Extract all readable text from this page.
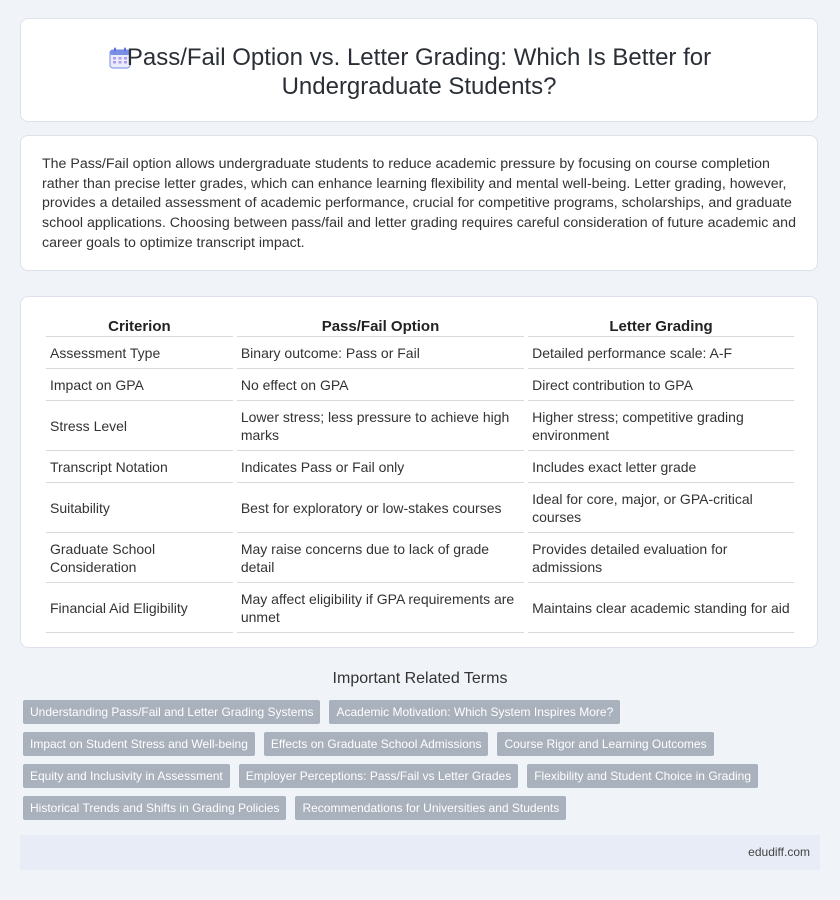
Pass/Fail Option vs. Letter Grading: Which Is Better for
Undergraduate Students?

The Pass/Fail option allows undergraduate students to reduce academic pressure by focusing on course completion rather than precise letter grades, which can enhance learning flexibility and mental well-being. Letter grading, however, provides a detailed assessment of academic performance, crucial for competitive programs, scholarships, and graduate school applications. Choosing between pass/fail and letter grading requires careful consideration of future academic and career goals to optimize transcript impact.

Criterion	Pass/Fail Option	Letter Grading
Assessment Type	Binary outcome: Pass or Fail	Detailed performance scale: A-F
Impact on GPA	No effect on GPA	Direct contribution to GPA
Stress Level	Lower stress; less pressure to achieve high marks	Higher stress; competitive grading environment
Transcript Notation	Indicates Pass or Fail only	Includes exact letter grade
Suitability	Best for exploratory or low-stakes courses	Ideal for core, major, or GPA-critical courses
Graduate School Consideration	May raise concerns due to lack of grade detail	Provides detailed evaluation for admissions
Financial Aid Eligibility	May affect eligibility if GPA requirements are unmet	Maintains clear academic standing for aid
Important Related Terms
Understanding Pass/Fail and Letter Grading Systems	Academic Motivation: Which System Inspires More?
Impact on Student Stress and Well-being	Effects on Graduate School Admissions	Course Rigor and Learning Outcomes
Equity and Inclusivity in Assessment	Employer Perceptions: Pass/Fail vs Letter Grades	Flexibility and Student Choice in Grading
Historical Trends and Shifts in Grading Policies	Recommendations for Universities and Students
edudiff.com
